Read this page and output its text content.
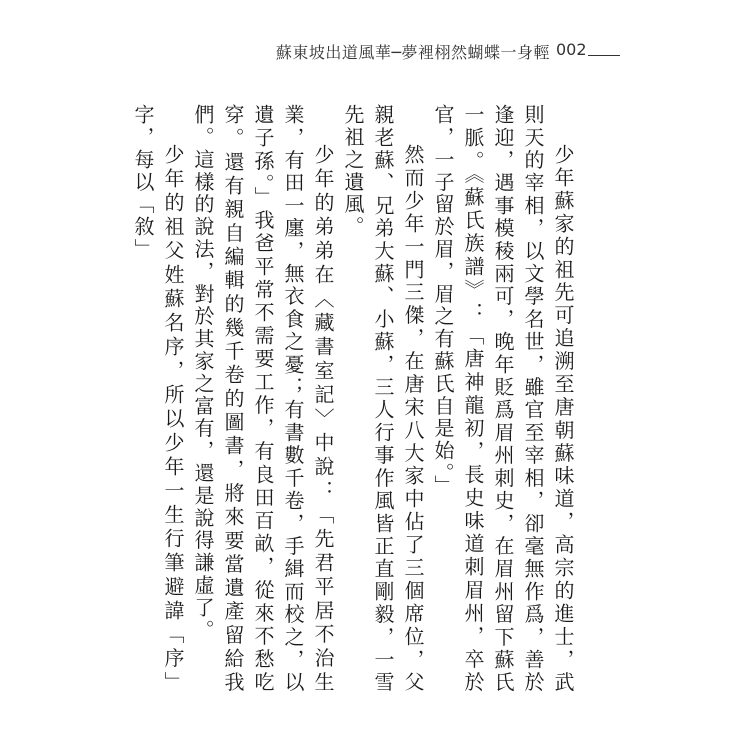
蘇東坡出道風華─夢裡栩然蝴蝶一身輕 002

少年蘇家的祖先可追溯至唐朝蘇味道，高宗的進士，武則天的宰相，以文學名世，雖官至宰相，卻毫無作爲，善於逢迎，遇事模稜兩可，晚年貶爲眉州刺史，在眉州留下蘇氏一脈。《蘇氏族譜》：「唐神龍初，長史味道刺眉州，卒於官，一子留於眉，眉之有蘇氏自是始。」

然而少年一門三傑，在唐宋八大家中佔了三個席位，父親老蘇、兄弟大蘇、小蘇，三人行事作風皆正直剛毅，一雪先祖之遺風。

少年的弟弟在〈藏書室記〉中說：「先君平居不治生業，有田一廛，無衣食之憂；有書數千卷，手緝而校之，以遺子孫。」我爸平常不需要工作，有良田百畝，從來不愁吃穿。還有親自編輯的幾千卷的圖書，將來要當遺產留給我們。這樣的說法，對於其家之富有，還是說得謙虛了。

少年的祖父姓蘇名序，所以少年一生行筆避諱「序」字，每以「敘」
